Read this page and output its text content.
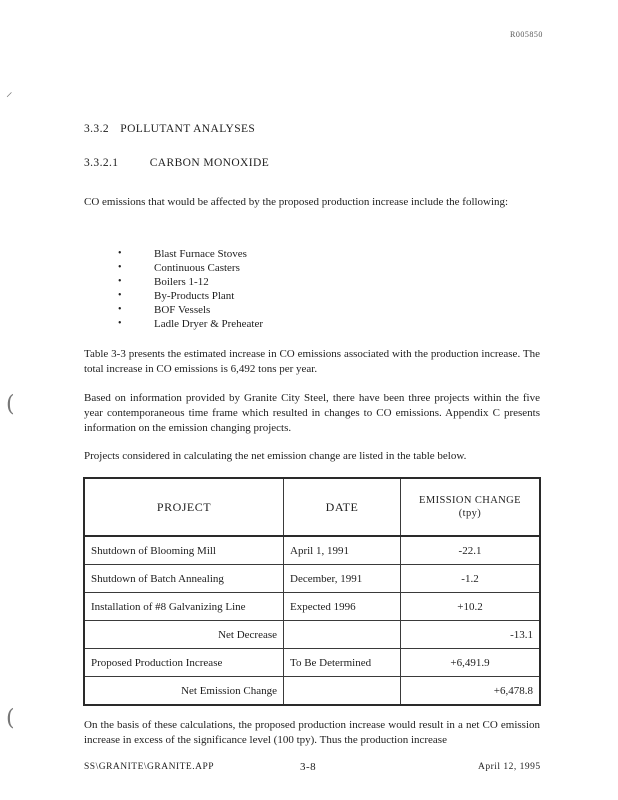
R005850
⸝
(
(
3.3.2 POLLUTANT ANALYSES
3.3.2.1	CARBON MONOXIDE
CO emissions that would be affected by the proposed production increase include the following:
• Blast Furnace Stoves
• Continuous Casters
• Boilers 1-12
• By-Products Plant
• BOF Vessels
• Ladle Dryer & Preheater
Table 3-3 presents the estimated increase in CO emissions associated with the production increase. The total increase in CO emissions is 6,492 tons per year.
Based on information provided by Granite City Steel, there have been three projects within the five year contemporaneous time frame which resulted in changes to CO emissions. Appendix C presents information on the emission changing projects.
Projects considered in calculating the net emission change are listed in the table below.
PROJECT	DATE	EMISSION CHANGE (tpy)
Shutdown of Blooming Mill	April 1, 1991	-22.1
Shutdown of Batch Annealing	December, 1991	-1.2
Installation of #8 Galvanizing Line	Expected 1996	+10.2
Net Decrease		-13.1
Proposed Production Increase	To Be Determined	+6,491.9
Net Emission Change		+6,478.8
On the basis of these calculations, the proposed production increase would result in a net CO emission increase in excess of the significance level (100 tpy). Thus the production increase
SS\GRANITE\GRANITE.APP	3-8	April 12, 1995
